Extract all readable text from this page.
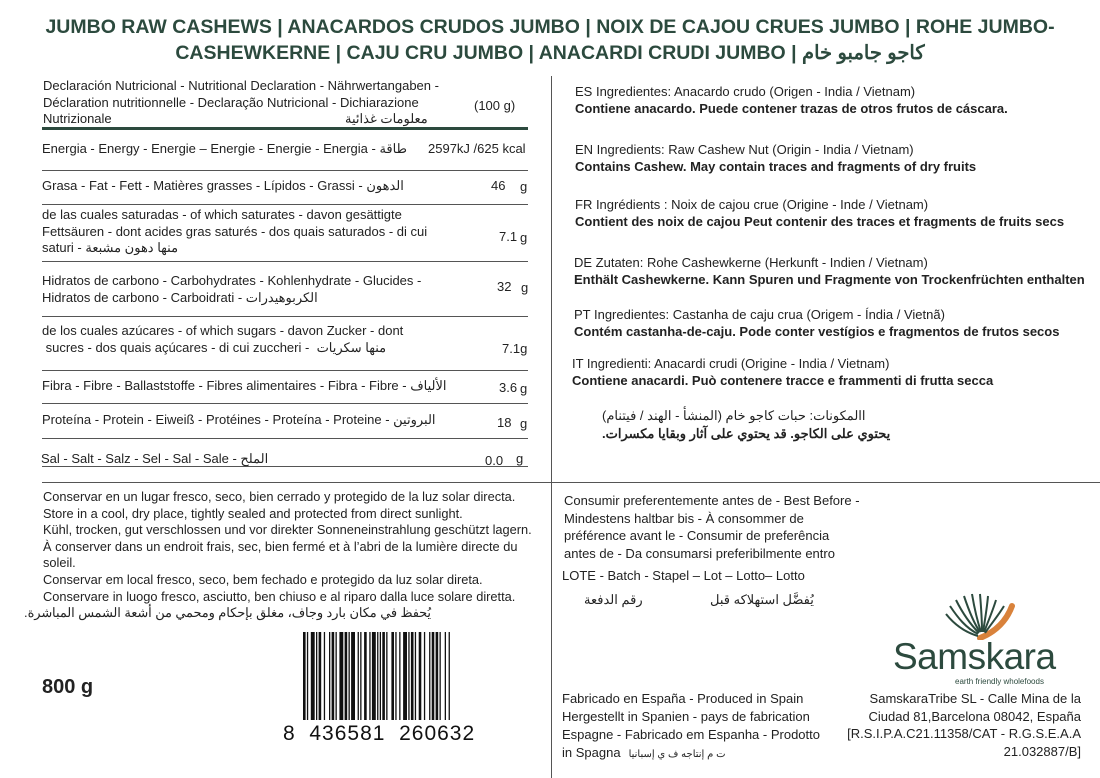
JUMBO RAW CASHEWS | ANACARDOS CRUDOS JUMBO | NOIX DE CAJOU CRUES JUMBO | ROHE JUMBO-
CASHEWKERNE | CAJU CRU JUMBO | ANACARDI CRUDI JUMBO | كاجو جامبو خام
Declaración Nutricional - Nutritional Declaration - Nährwertangaben -
Déclaration nutritionnelle - Declaração Nutricional - Dichiarazione
Nutrizionale	معلومات غذائية
(100 g)
Energia - Energy - Energie – Energie - Energie - Energia - طاقة 2597kJ /625 kcal
Grasa - Fat - Fett - Matières grasses - Lípidos - Grassi - الدهون	46 g
de las cuales saturadas - of which saturates - davon gesättigte
Fettsäuren - dont acides gras saturés - dos quais saturados - di cui
saturi - منها دهون مشبعة
7.1 g
Hidratos de carbono - Carbohydrates - Kohlenhydrate - Glucides -
Hidratos de carbono - Carboidrati - الكربوهيدرات
32 g
de los cuales azúcares - of which sugars - davon Zucker - dont
sucres - dos quais açúcares - di cui zuccheri -  منها سكريات	7.1g
Fibra - Fibre - Ballaststoffe - Fibres alimentaires - Fibra - Fibre - الألياف	3.6 g
Proteína - Protein - Eiweiß - Protéines - Proteína - Proteine - البروتين	18 g
Sal - Salt - Salz - Sel - Sal - Sale - الملح	0.0 g
Conservar en un lugar fresco, seco, bien cerrado y protegido de la luz solar directa.
Store in a cool, dry place, tightly sealed and protected from direct sunlight.
Kühl, trocken, gut verschlossen und vor direkter Sonneneinstrahlung geschützt lagern.
À conserver dans un endroit frais, sec, bien fermé et à l’abri de la lumière directe du
soleil.
Conservar em local fresco, seco, bem fechado e protegido da luz solar direta.
Conservare in luogo fresco, asciutto, ben chiuso e al riparo dalla luce solare diretta.
يُحفظ في مكان بارد وجاف، مغلق بإحكام ومحمي من أشعة الشمس المباشرة.
800 g
8  436581  260632
ES Ingredientes: Anacardo crudo (Origen - India / Vietnam)
Contiene anacardo. Puede contener trazas de otros frutos de cáscara.
EN Ingredients: Raw Cashew Nut (Origin - India / Vietnam)
Contains Cashew. May contain traces and fragments of dry fruits
FR Ingrédients : Noix de cajou crue (Origine - Inde / Vietnam)
Contient des noix de cajou Peut contenir des traces et fragments de fruits secs
DE Zutaten: Rohe Cashewkerne (Herkunft - Indien / Vietnam)
Enthält Cashewkerne. Kann Spuren und Fragmente von Trockenfrüchten enthalten
PT Ingredientes: Castanha de caju crua (Origem - Índia / Vietnã)
Contém castanha-de-caju. Pode conter vestígios e fragmentos de frutos secos
IT Ingredienti: Anacardi crudi (Origine - India / Vietnam)
Contiene anacardi. Può contenere tracce e frammenti di frutta secca
االمكونات: حبات كاجو خام (المنشأ - الهند / فيتنام)
يحتوي على الكاجو. قد يحتوي على آثار وبقايا مكسرات.
Consumir preferentemente antes de - Best Before -
Mindestens haltbar bis - À consommer de
préférence avant le - Consumir de preferência
antes de - Da consumarsi preferibilmente entro
LOTE - Batch - Stapel – Lot – Lotto– Lotto
رقم الدفعة	يُفضَّل استهلاكه قبل
Samskara
earth friendly wholefoods
Fabricado en España - Produced in Spain
Hergestellt in Spanien - pays de fabrication
Espagne - Fabricado em Espanha - Prodotto
in Spagna ت م إنتاجه ف ي إسبانيا
SamskaraTribe SL - Calle Mina de la
Ciudad 81,Barcelona 08042, España
[R.S.I.P.A.C21.11358/CAT - R.G.S.E.A.A
21.032887/B]
